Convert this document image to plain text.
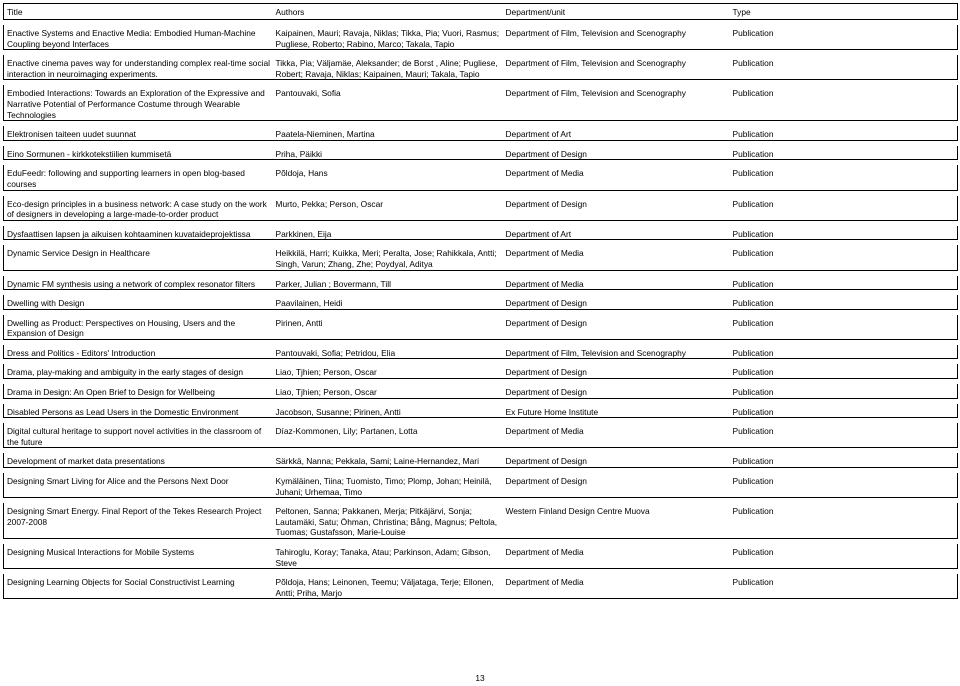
Title	Authors	Department/unit	Type

Enactive Systems and Enactive Media: Embodied Human-Machine Coupling beyond Interfaces	Kaipainen, Mauri; Ravaja, Niklas; Tikka, Pia; Vuori, Rasmus; Pugliese, Roberto; Rabino, Marco; Takala, Tapio	Department of Film, Television and Scenography	Publication

Enactive cinema paves way for understanding complex real-time social interaction in neuroimaging experiments.	Tikka, Pia; Väljamäe, Aleksander; de Borst , Aline; Pugliese, Robert; Ravaja, Niklas; Kaipainen, Mauri; Takala, Tapio	Department of Film, Television and Scenography	Publication

Embodied Interactions: Towards an Exploration of the Expressive and Narrative Potential of Performance Costume through Wearable Technologies	Pantouvaki, Sofia	Department of Film, Television and Scenography	Publication

Elektronisen taiteen uudet suunnat	Paatela-Nieminen, Martina	Department of Art	Publication

Eino Sormunen - kirkkotekstiilien kummisetä	Priha, Päikki	Department of Design	Publication

EduFeedr: following and supporting learners in open blog-based courses	Põldoja, Hans	Department of Media	Publication

Eco-design principles in a business network: A case study on the work of designers in developing a large-made-to-order product	Murto, Pekka; Person, Oscar	Department of Design	Publication

Dysfaattisen lapsen ja aikuisen kohtaaminen kuvataideprojektissa	Parkkinen, Eija	Department of Art	Publication

Dynamic Service Design in Healthcare	Heikkilä, Harri; Kuikka, Meri; Peralta, Jose; Rahikkala, Antti; Singh, Varun; Zhang, Zhe; Poydyal, Aditya	Department of Media	Publication

Dynamic FM synthesis using a network of complex resonator filters	Parker, Julian ; Bovermann, Till	Department of Media	Publication

Dwelling with Design	Paavilainen, Heidi	Department of Design	Publication

Dwelling as Product: Perspectives on Housing, Users and the Expansion of Design	Pirinen, Antti	Department of Design	Publication

Dress and Politics - Editors' Introduction	Pantouvaki, Sofia; Petridou, Elia	Department of Film, Television and Scenography	Publication

Drama, play-making and ambiguity in the early stages of design	Liao, Tjhien; Person, Oscar	Department of Design	Publication

Drama in Design: An Open Brief to Design for Wellbeing	Liao, Tjhien; Person, Oscar	Department of Design	Publication

Disabled Persons as Lead Users in the Domestic Environment	Jacobson, Susanne; Pirinen, Antti	Ex Future Home Institute	Publication

Digital cultural heritage to support novel activities in the classroom of the future	Díaz-Kommonen, Lily; Partanen, Lotta	Department of Media	Publication

Development of market data presentations	Särkkä, Nanna; Pekkala, Sami; Laine-Hernandez, Mari	Department of Design	Publication

Designing Smart Living for Alice and the Persons Next Door	Kymäläinen, Tiina; Tuomisto, Timo; Plomp, Johan; Heinilä, Juhani; Urhemaa, Timo	Department of Design	Publication

Designing Smart Energy. Final Report of the Tekes Research Project 2007-2008	Peltonen, Sanna; Pakkanen, Merja; Pitkäjärvi, Sonja; Lautamäki, Satu; Öhman, Christina; Bång, Magnus; Peltola, Tuomas; Gustafsson, Marie-Louise	Western Finland Design Centre Muova	Publication

Designing Musical Interactions for Mobile Systems	Tahiroglu, Koray; Tanaka, Atau; Parkinson, Adam; Gibson, Steve	Department of Media	Publication

Designing Learning Objects for Social Constructivist Learning	Põldoja, Hans; Leinonen, Teemu; Väljataga, Terje; Ellonen, Antti; Priha, Marjo	Department of Media	Publication
13
